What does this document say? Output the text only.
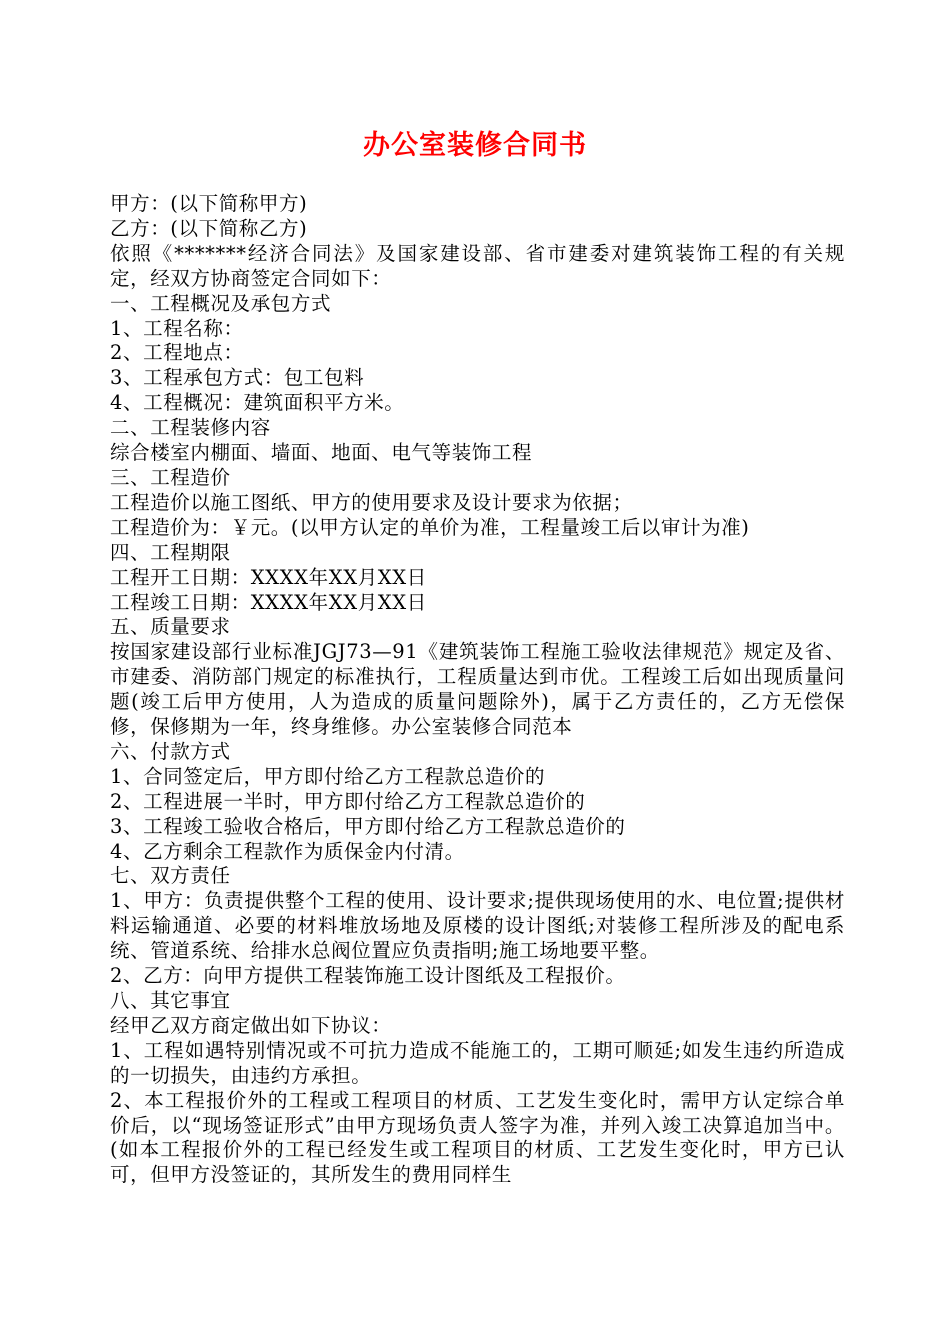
办公室装修合同书

甲方：(以下简称甲方)

乙方：(以下简称乙方)

依照《*******经济合同法》及国家建设部、省市建委对建筑装饰工程的有关规定，经双方协商签定合同如下：

一、工程概况及承包方式

1、工程名称：

2、工程地点：

3、工程承包方式：包工包料

4、工程概况：建筑面积平方米。

二、工程装修内容

综合楼室内棚面、墙面、地面、电气等装饰工程

三、工程造价

工程造价以施工图纸、甲方的使用要求及设计要求为依据；

工程造价为：￥元。(以甲方认定的单价为准，工程量竣工后以审计为准)

四、工程期限

工程开工日期：XXXX年XX月XX日

工程竣工日期：XXXX年XX月XX日

五、质量要求

按国家建设部行业标准JGJ73—91《建筑装饰工程施工验收法律规范》规定及省、市建委、消防部门规定的标准执行，工程质量达到市优。工程竣工后如出现质量问题(竣工后甲方使用，人为造成的质量问题除外)，属于乙方责任的，乙方无偿保修，保修期为一年，终身维修。办公室装修合同范本

六、付款方式

1、合同签定后，甲方即付给乙方工程款总造价的

2、工程进展一半时，甲方即付给乙方工程款总造价的

3、工程竣工验收合格后，甲方即付给乙方工程款总造价的

4、乙方剩余工程款作为质保金内付清。

七、双方责任

1、甲方：负责提供整个工程的使用、设计要求;提供现场使用的水、电位置;提供材料运输通道、必要的材料堆放场地及原楼的设计图纸;对装修工程所涉及的配电系统、管道系统、给排水总阀位置应负责指明;施工场地要平整。

2、乙方：向甲方提供工程装饰施工设计图纸及工程报价。

八、其它事宜

经甲乙双方商定做出如下协议：

1、工程如遇特别情况或不可抗力造成不能施工的，工期可顺延;如发生违约所造成的一切损失，由违约方承担。

2、本工程报价外的工程或工程项目的材质、工艺发生变化时，需甲方认定综合单价后，以“现场签证形式”由甲方现场负责人签字为准，并列入竣工决算追加当中。(如本工程报价外的工程已经发生或工程项目的材质、工艺发生变化时，甲方已认可，但甲方没签证的，其所发生的费用同样生
